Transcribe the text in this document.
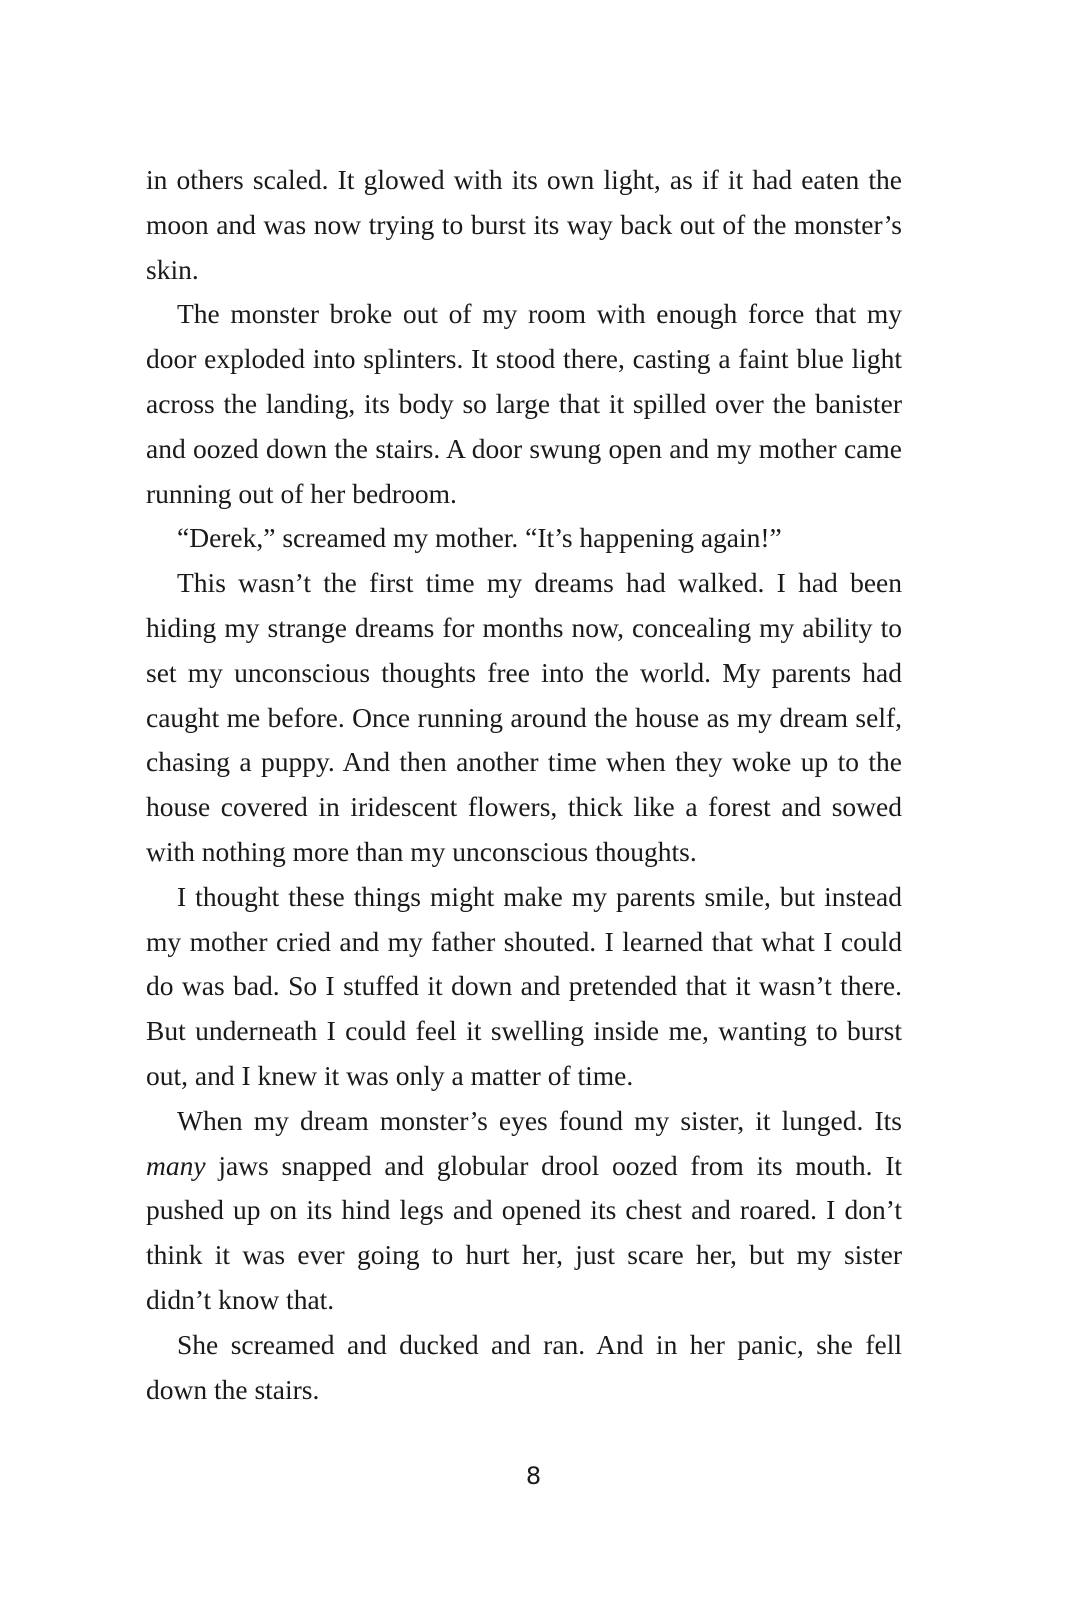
in others scaled. It glowed with its own light, as if it had eaten the moon and was now trying to burst its way back out of the monster’s skin.

The monster broke out of my room with enough force that my door exploded into splinters. It stood there, casting a faint blue light across the landing, its body so large that it spilled over the banister and oozed down the stairs. A door swung open and my mother came running out of her bedroom.

“Derek,” screamed my mother. “It’s happening again!”

This wasn’t the first time my dreams had walked. I had been hiding my strange dreams for months now, concealing my ability to set my unconscious thoughts free into the world. My parents had caught me before. Once running around the house as my dream self, chasing a puppy. And then another time when they woke up to the house covered in iridescent flowers, thick like a forest and sowed with nothing more than my unconscious thoughts.

I thought these things might make my parents smile, but instead my mother cried and my father shouted. I learned that what I could do was bad. So I stuffed it down and pretended that it wasn’t there. But underneath I could feel it swelling inside me, wanting to burst out, and I knew it was only a matter of time.

When my dream monster’s eyes found my sister, it lunged. Its many jaws snapped and globular drool oozed from its mouth. It pushed up on its hind legs and opened its chest and roared. I don’t think it was ever going to hurt her, just scare her, but my sister didn’t know that.

She screamed and ducked and ran. And in her panic, she fell down the stairs.

8
